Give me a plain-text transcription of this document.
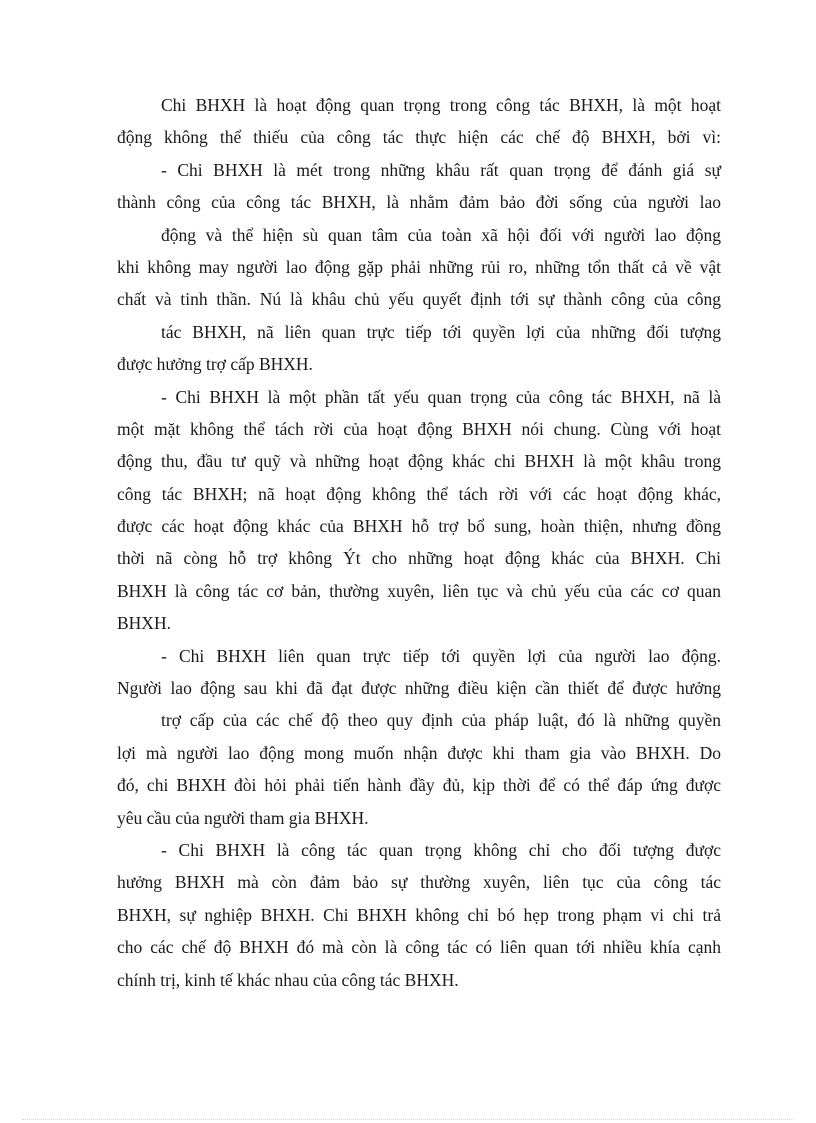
Chi BHXH là hoạt động quan trọng trong công tác BHXH, là một hoạt
động không thể thiếu của công tác thực hiện các chế độ BHXH, bởi vì:
- Chi BHXH là mét trong những khâu rất quan trọng để đánh giá sự
thành công của công tác BHXH, là nhằm đảm bảo đời sống của người lao
động và thể hiện sù quan tâm của toàn xã hội đối với người lao động
khi không may người lao động gặp phải những rủi ro, những tổn thất cả về vật
chất và tinh thần. Nú là khâu chủ yếu quyết định tới sự thành công của công
tác BHXH, nã liên quan trực tiếp tới quyền lợi của những đối tượng
được hưởng trợ cấp BHXH.
- Chi BHXH là một phần tất yếu quan trọng của công tác BHXH, nã là
một mặt không thể tách rời của hoạt động BHXH nói chung. Cùng với hoạt
động thu, đầu tư quỹ và những hoạt động khác chi BHXH là một khâu trong
công tác BHXH; nã hoạt động không thể tách rời với các hoạt động khác,
được các hoạt động khác của BHXH hỗ trợ bổ sung, hoàn thiện, nhưng đồng
thời nã còng hỗ trợ không Ýt cho những hoạt động khác của BHXH. Chi
BHXH là công tác cơ bản, thường xuyên, liên tục và chủ yếu của các cơ quan
BHXH.
- Chi BHXH liên quan trực tiếp tới quyền lợi của người lao động.
Người lao động sau khi đã đạt được những điều kiện cần thiết để được hưởng
trợ cấp của các chế độ theo quy định của pháp luật, đó là những quyền
lợi mà người lao động mong muốn nhận được khi tham gia vào BHXH. Do
đó, chi BHXH đòi hỏi phải tiến hành đầy đủ, kịp thời để có thể đáp ứng được
yêu cầu của người tham gia BHXH.
- Chi BHXH là công tác quan trọng không chỉ cho đối tượng được
hưởng BHXH mà còn đảm bảo sự thường xuyên, liên tục của công tác
BHXH, sự nghiệp BHXH. Chi BHXH không chỉ bó hẹp trong phạm vi chi trả
cho các chế độ BHXH đó mà còn là công tác có liên quan tới nhiều khía cạnh
chính trị, kinh tế khác nhau của công tác BHXH.
